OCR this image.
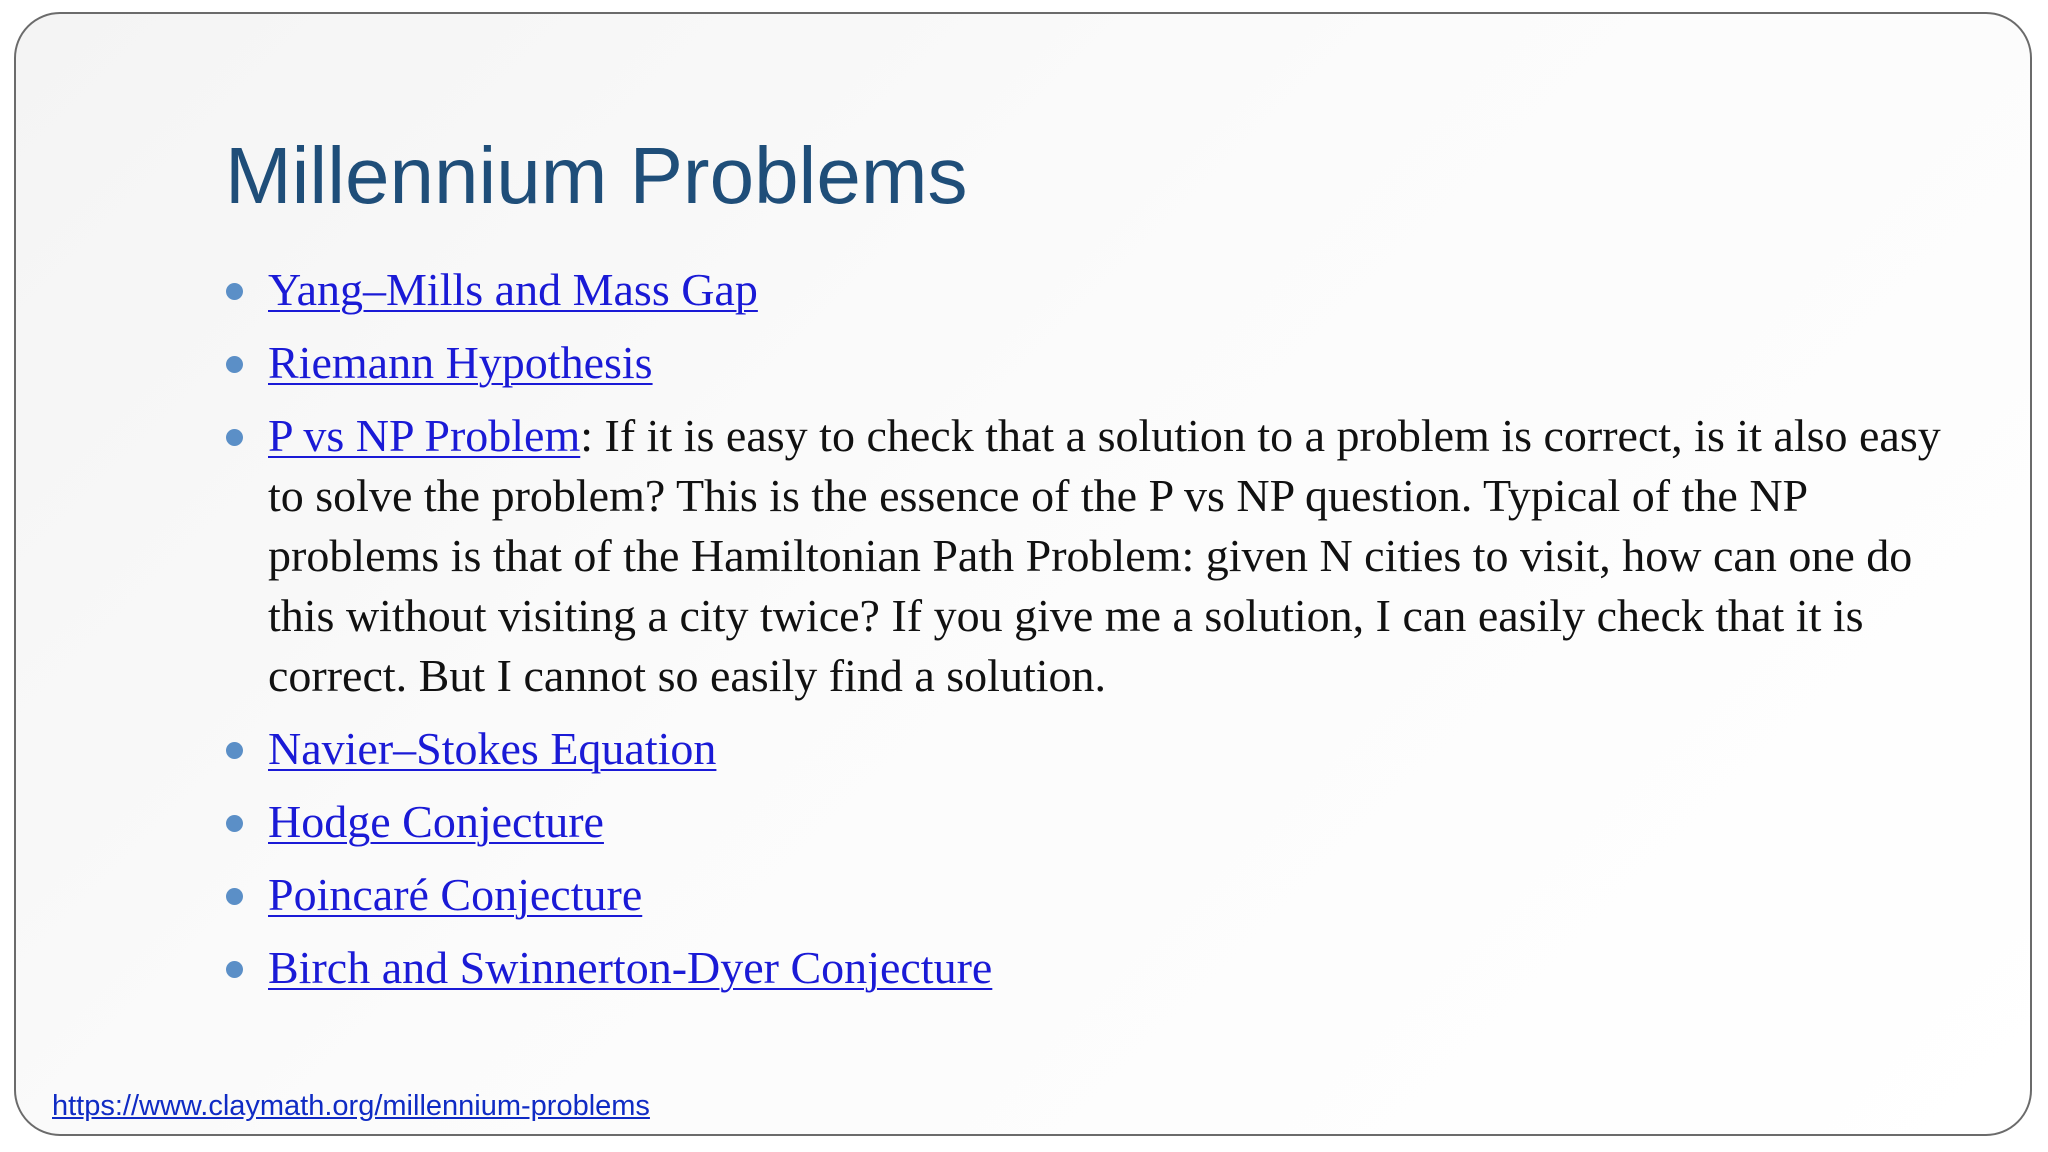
Millennium Problems
Yang–Mills and Mass Gap
Riemann Hypothesis
P vs NP Problem: If it is easy to check that a solution to a problem is correct, is it also easy to solve the problem? This is the essence of the P vs NP question. Typical of the NP problems is that of the Hamiltonian Path Problem: given N cities to visit, how can one do this without visiting a city twice? If you give me a solution, I can easily check that it is correct. But I cannot so easily find a solution.
Navier–Stokes Equation
Hodge Conjecture
Poincaré Conjecture
Birch and Swinnerton-Dyer Conjecture
https://www.claymath.org/millennium-problems
